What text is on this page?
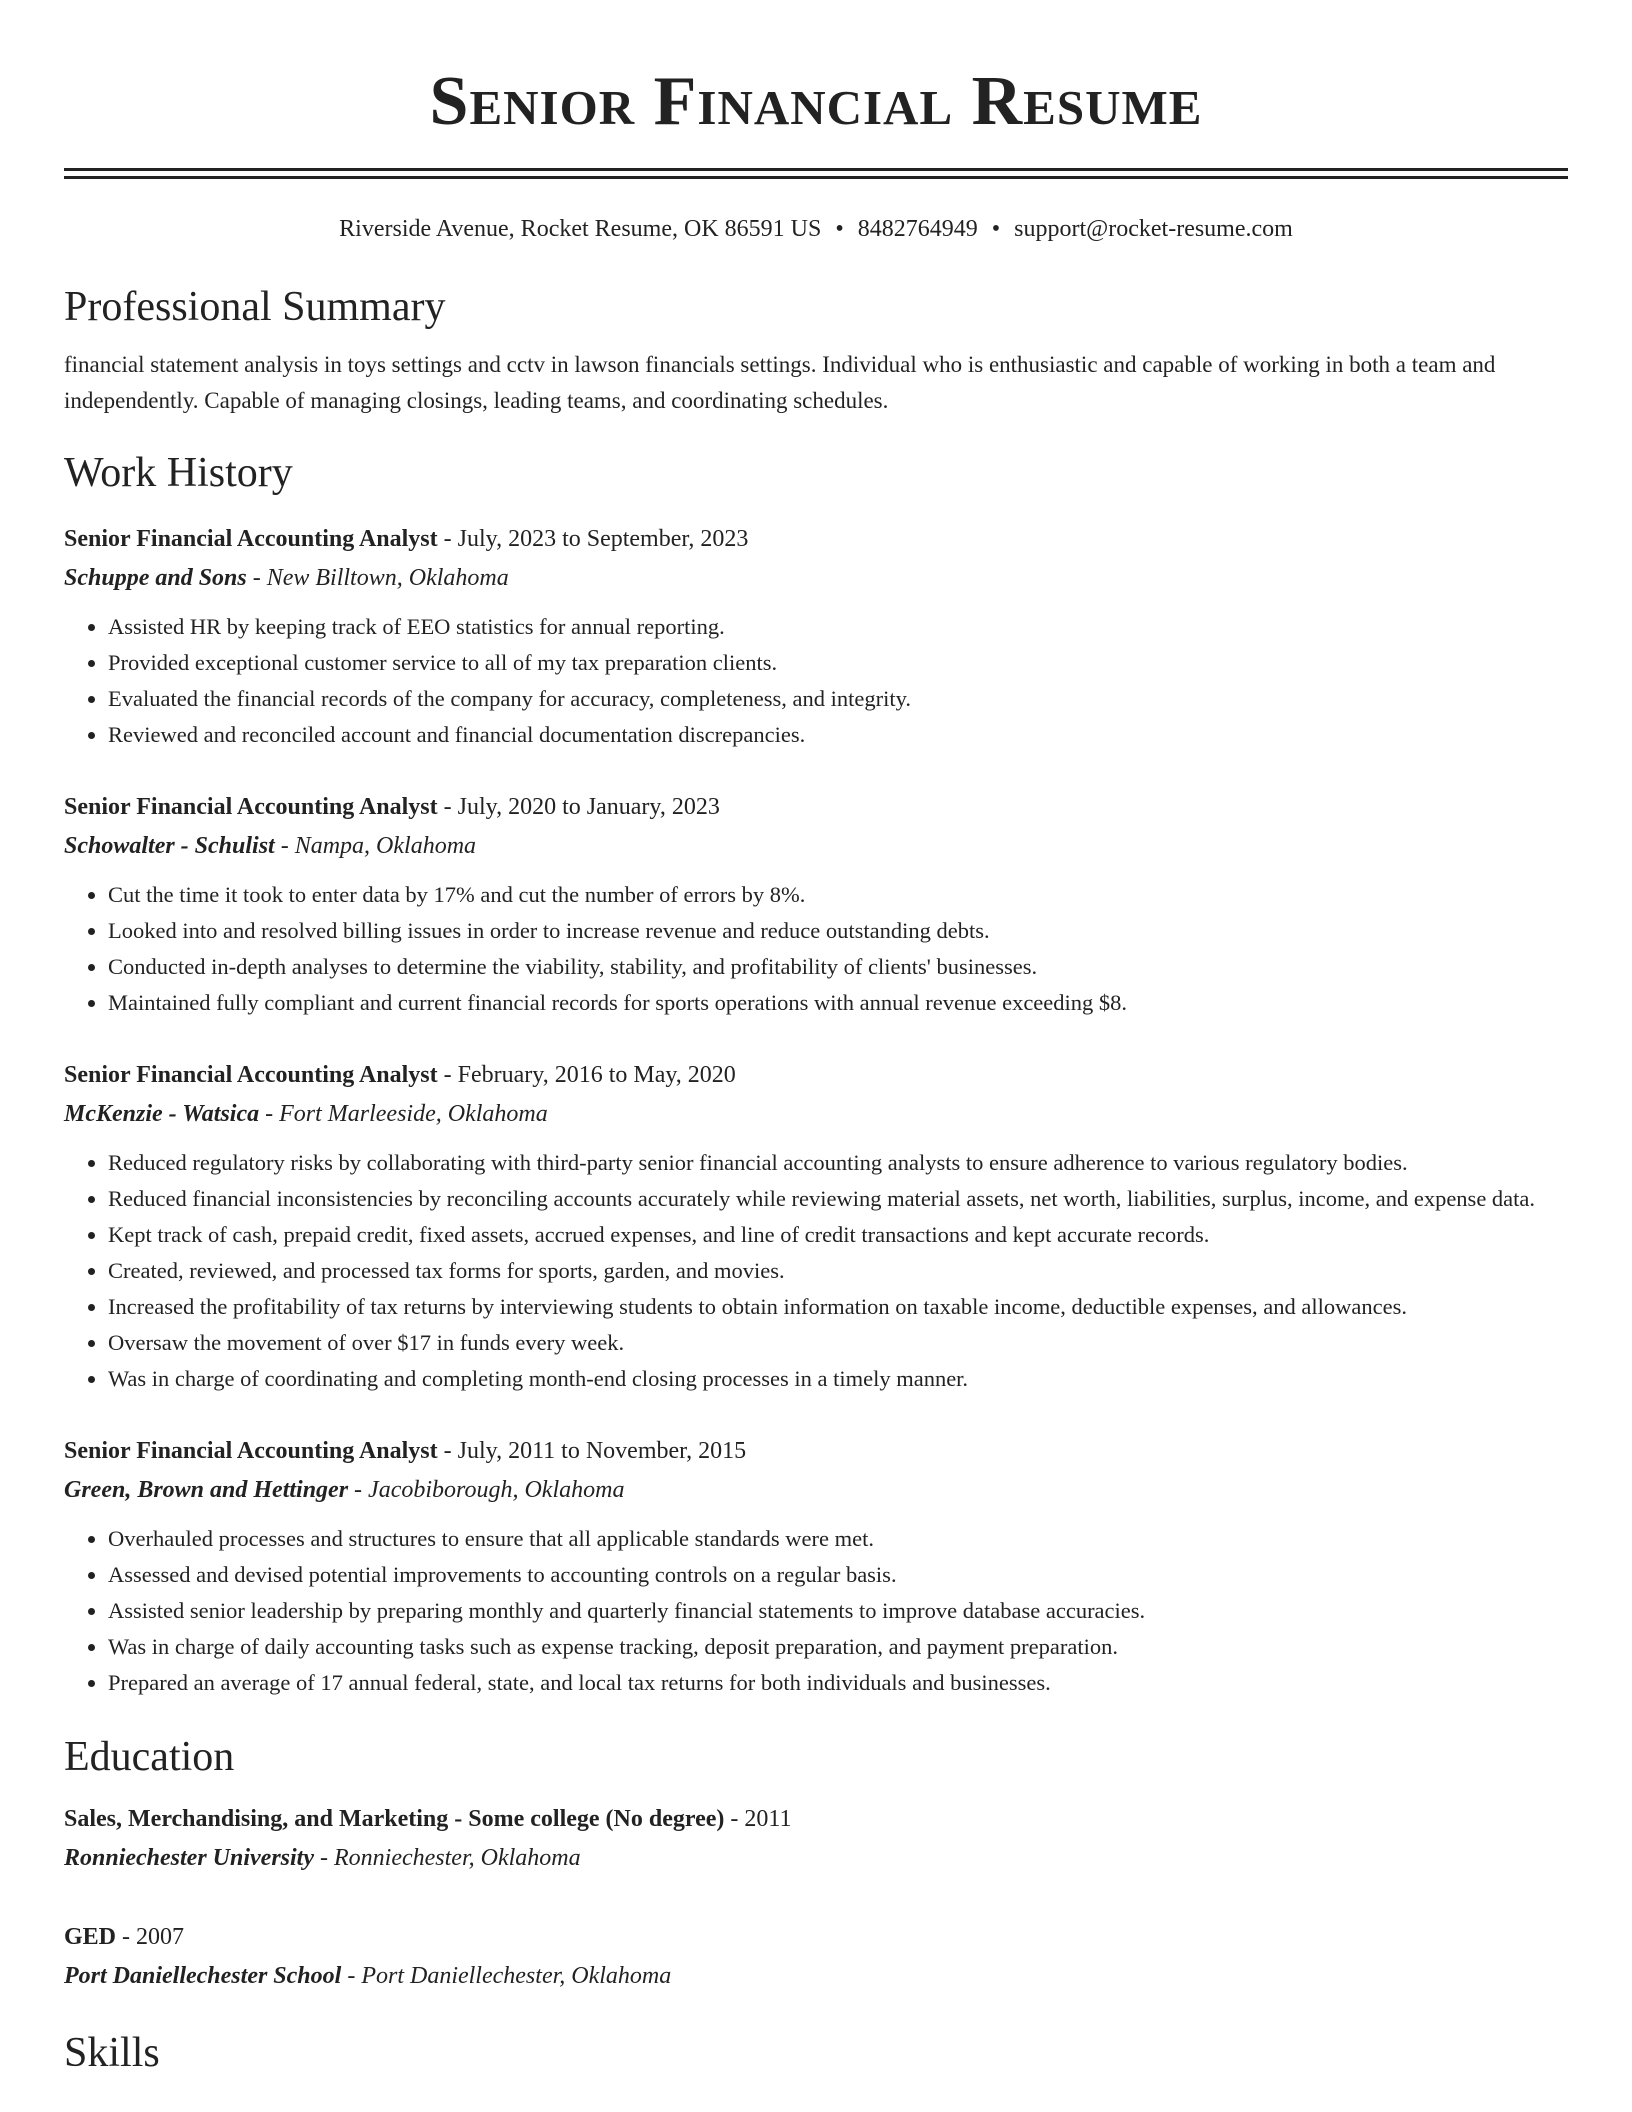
Senior Financial Resume
Riverside Avenue, Rocket Resume, OK 86591 US • 8482764949 • support@rocket-resume.com
Professional Summary

financial statement analysis in toys settings and cctv in lawson financials settings. Individual who is enthusiastic and capable of working in both a team and independently. Capable of managing closings, leading teams, and coordinating schedules.

Work History
Senior Financial Accounting Analyst - July, 2023 to September, 2023
Schuppe and Sons - New Billtown, Oklahoma
• Assisted HR by keeping track of EEO statistics for annual reporting.
• Provided exceptional customer service to all of my tax preparation clients.
• Evaluated the financial records of the company for accuracy, completeness, and integrity.
• Reviewed and reconciled account and financial documentation discrepancies.
Senior Financial Accounting Analyst - July, 2020 to January, 2023
Schowalter - Schulist - Nampa, Oklahoma
• Cut the time it took to enter data by 17% and cut the number of errors by 8%.
• Looked into and resolved billing issues in order to increase revenue and reduce outstanding debts.
• Conducted in-depth analyses to determine the viability, stability, and profitability of clients' businesses.
• Maintained fully compliant and current financial records for sports operations with annual revenue exceeding $8.
Senior Financial Accounting Analyst - February, 2016 to May, 2020
McKenzie - Watsica - Fort Marleeside, Oklahoma
• Reduced regulatory risks by collaborating with third-party senior financial accounting analysts to ensure adherence to various regulatory bodies.
• Reduced financial inconsistencies by reconciling accounts accurately while reviewing material assets, net worth, liabilities, surplus, income, and expense data.
• Kept track of cash, prepaid credit, fixed assets, accrued expenses, and line of credit transactions and kept accurate records.
• Created, reviewed, and processed tax forms for sports, garden, and movies.
• Increased the profitability of tax returns by interviewing students to obtain information on taxable income, deductible expenses, and allowances.
• Oversaw the movement of over $17 in funds every week.
• Was in charge of coordinating and completing month-end closing processes in a timely manner.
Senior Financial Accounting Analyst - July, 2011 to November, 2015
Green, Brown and Hettinger - Jacobiborough, Oklahoma
• Overhauled processes and structures to ensure that all applicable standards were met.
• Assessed and devised potential improvements to accounting controls on a regular basis.
• Assisted senior leadership by preparing monthly and quarterly financial statements to improve database accuracies.
• Was in charge of daily accounting tasks such as expense tracking, deposit preparation, and payment preparation.
• Prepared an average of 17 annual federal, state, and local tax returns for both individuals and businesses.
Education
Sales, Merchandising, and Marketing - Some college (No degree) - 2011
Ronniechester University - Ronniechester, Oklahoma
GED - 2007
Port Daniellechester School - Port Daniellechester, Oklahoma
Skills
